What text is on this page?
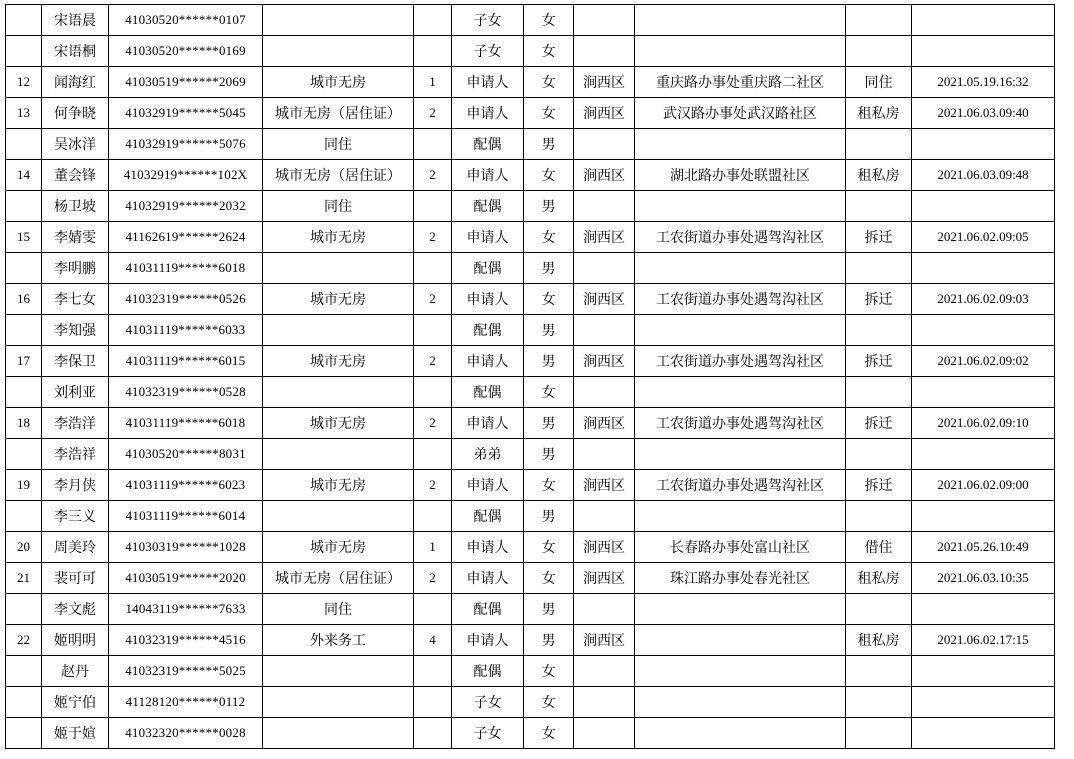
	宋语晨	41030520******0107			子女	女				
	宋语桐	41030520******0169			子女	女				
12	闻海红	41030519******2069	城市无房	1	申请人	女	涧西区	重庆路办事处重庆路二社区	同住	2021.05.19.16:32
13	何争晓	41032919******5045	城市无房（居住证）	2	申请人	女	涧西区	武汉路办事处武汉路社区	租私房	2021.06.03.09:40
	吴冰洋	41032919******5076	同住		配偶	男				
14	董会锋	41032919******102X	城市无房（居住证）	2	申请人	女	涧西区	湖北路办事处联盟社区	租私房	2021.06.03.09:48
	杨卫坡	41032919******2032	同住		配偶	男				
15	李婧雯	41162619******2624	城市无房	2	申请人	女	涧西区	工农街道办事处遇驾沟社区	拆迁	2021.06.02.09:05
	李明鹏	41031119******6018			配偶	男				
16	李七女	41032319******0526	城市无房	2	申请人	女	涧西区	工农街道办事处遇驾沟社区	拆迁	2021.06.02.09:03
	李知强	41031119******6033			配偶	男				
17	李保卫	41031119******6015	城市无房	2	申请人	男	涧西区	工农街道办事处遇驾沟社区	拆迁	2021.06.02.09:02
	刘利亚	41032319******0528			配偶	女				
18	李浩洋	41031119******6018	城市无房	2	申请人	男	涧西区	工农街道办事处遇驾沟社区	拆迁	2021.06.02.09:10
	李浩祥	41030520******8031			弟弟	男				
19	李月侠	41031119******6023	城市无房	2	申请人	女	涧西区	工农街道办事处遇驾沟社区	拆迁	2021.06.02.09:00
	李三义	41031119******6014			配偶	男				
20	周美玲	41030319******1028	城市无房	1	申请人	女	涧西区	长春路办事处富山社区	借住	2021.05.26.10:49
21	裴可可	41030519******2020	城市无房（居住证）	2	申请人	女	涧西区	珠江路办事处春光社区	租私房	2021.06.03.10:35
	李文彪	14043119******7633	同住		配偶	男				
22	姬明明	41032319******4516	外来务工	4	申请人	男	涧西区		租私房	2021.06.02.17:15
	赵丹	41032319******5025			配偶	女				
	姬宁伯	41128120******0112			子女	女				
	姬于媗	41032320******0028			子女	女				
